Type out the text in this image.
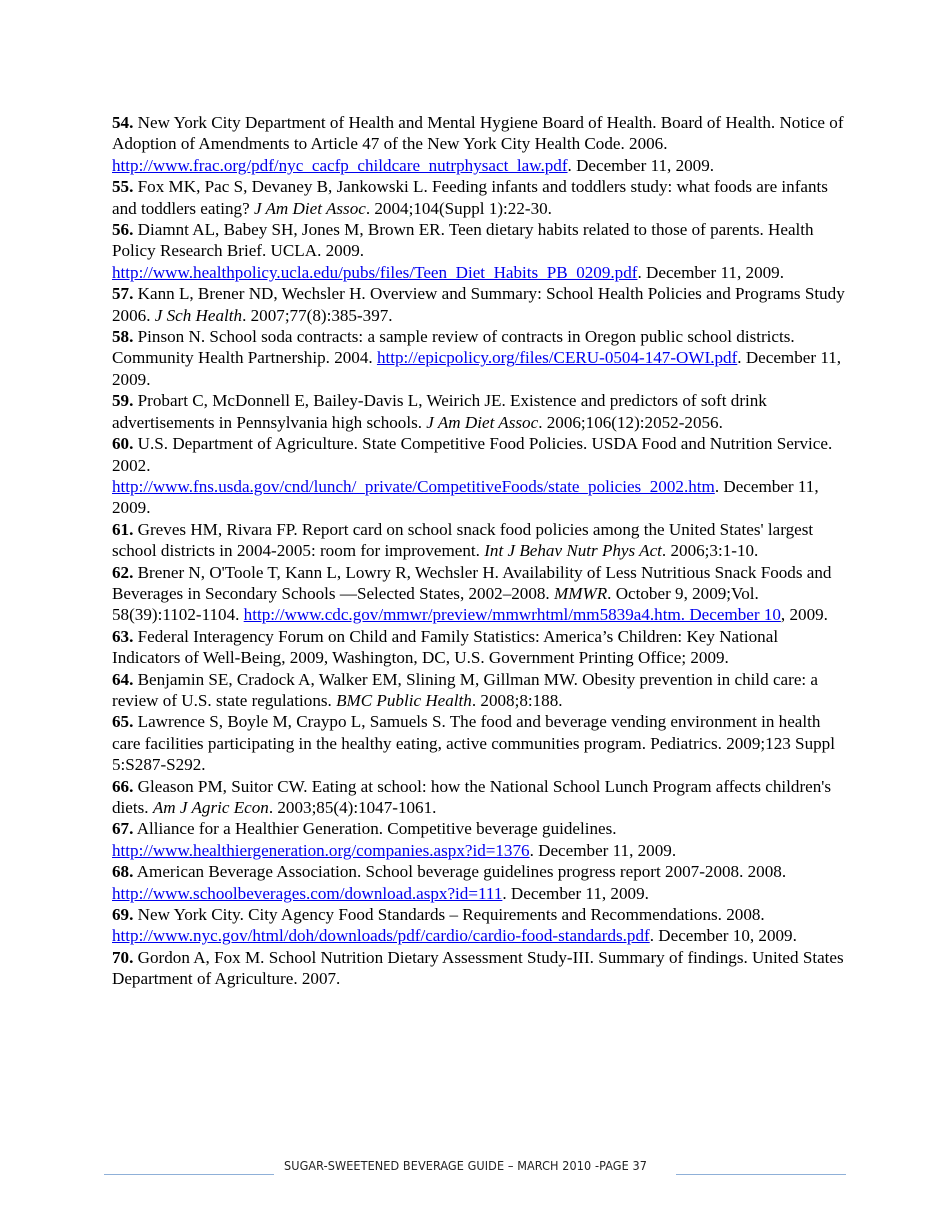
54. New York City Department of Health and Mental Hygiene Board of Health. Board of Health. Notice of Adoption of Amendments to Article 47 of the New York City Health Code. 2006. http://www.frac.org/pdf/nyc_cacfp_childcare_nutrphysact_law.pdf. December 11, 2009.

55. Fox MK, Pac S, Devaney B, Jankowski L. Feeding infants and toddlers study: what foods are infants and toddlers eating? J Am Diet Assoc. 2004;104(Suppl 1):22-30.

56. Diamnt AL, Babey SH, Jones M, Brown ER. Teen dietary habits related to those of parents. Health Policy Research Brief. UCLA. 2009.
http://www.healthpolicy.ucla.edu/pubs/files/Teen_Diet_Habits_PB_0209.pdf. December 11, 2009.

57. Kann L, Brener ND, Wechsler H. Overview and Summary: School Health Policies and Programs Study 2006. J Sch Health. 2007;77(8):385-397.

58. Pinson N. School soda contracts: a sample review of contracts in Oregon public school districts. Community Health Partnership. 2004. http://epicpolicy.org/files/CERU-0504-147-OWI.pdf. December 11, 2009.

59. Probart C, McDonnell E, Bailey-Davis L, Weirich JE. Existence and predictors of soft drink advertisements in Pennsylvania high schools. J Am Diet Assoc. 2006;106(12):2052-2056.

60. U.S. Department of Agriculture. State Competitive Food Policies. USDA Food and Nutrition Service. 2002.
http://www.fns.usda.gov/cnd/lunch/_private/CompetitiveFoods/state_policies_2002.htm. December 11, 2009.

61. Greves HM, Rivara FP. Report card on school snack food policies among the United States' largest school districts in 2004-2005: room for improvement. Int J Behav Nutr Phys Act. 2006;3:1-10.

62. Brener N, O'Toole T, Kann L, Lowry R, Wechsler H. Availability of Less Nutritious Snack Foods and Beverages in Secondary Schools —Selected States, 2002–2008. MMWR. October 9, 2009;Vol. 58(39):1102-1104. http://www.cdc.gov/mmwr/preview/mmwrhtml/mm5839a4.htm. December 10, 2009.

63. Federal Interagency Forum on Child and Family Statistics: America’s Children: Key National Indicators of Well-Being, 2009, Washington, DC, U.S. Government Printing Office; 2009.

64. Benjamin SE, Cradock A, Walker EM, Slining M, Gillman MW. Obesity prevention in child care: a review of U.S. state regulations. BMC Public Health. 2008;8:188.

65. Lawrence S, Boyle M, Craypo L, Samuels S. The food and beverage vending environment in health care facilities participating in the healthy eating, active communities program. Pediatrics. 2009;123 Suppl 5:S287-S292.

66. Gleason PM, Suitor CW. Eating at school: how the National School Lunch Program affects children's diets. Am J Agric Econ. 2003;85(4):1047-1061.

67. Alliance for a Healthier Generation. Competitive beverage guidelines.
http://www.healthiergeneration.org/companies.aspx?id=1376. December 11, 2009.

68. American Beverage Association. School beverage guidelines progress report 2007-2008. 2008. http://www.schoolbeverages.com/download.aspx?id=111. December 11, 2009.

69. New York City. City Agency Food Standards – Requirements and Recommendations. 2008. http://www.nyc.gov/html/doh/downloads/pdf/cardio/cardio-food-standards.pdf. December 10, 2009.

70. Gordon A, Fox M. School Nutrition Dietary Assessment Study-III. Summary of findings. United States Department of Agriculture. 2007.

SUGAR-SWEETENED BEVERAGE GUIDE – MARCH 2010 -PAGE 37
